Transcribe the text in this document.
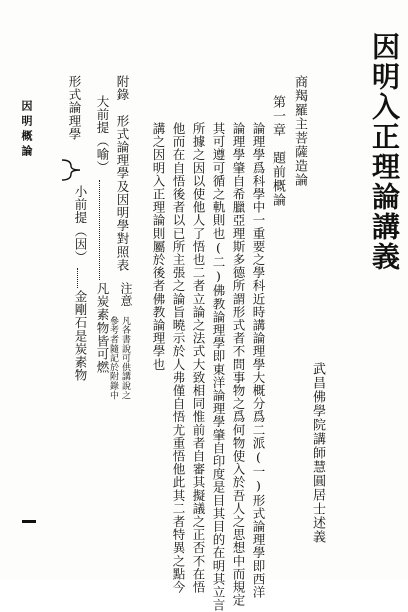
因明入正理論講義
武昌佛學院講師慧圓居士述義
商羯羅主菩薩造論
第一章　題前概論
論理學爲科學中一重要之學科近時講論理學大概分爲二派(一)形式論理學即西洋
論理學肇自希臘亞理斯多德所謂形式者不問事物之爲何物使入於吾人之思想中而規定
其可遵可循之軌則也(二)佛教論理學即東洋論理學肇自印度是目其目的在明其立言
所據之因以使他人了悟也二者立論之法式大致相同惟前者自審其擬議之正否不在悟
他而在自悟後者以已所主張之論旨曉示於人弗僅自悟尤重悟他此其二者特異之點今
講之因明入正理論則屬於後者佛教論理學也
附錄　形式論理學及因明學對照表
注意
凡各書說可供講說之
參考者隨記於附錄中
大前提（喻）
凡炭素物皆可燃
形式論理學
小前提（因）
金剛石是炭素物
因明概論
